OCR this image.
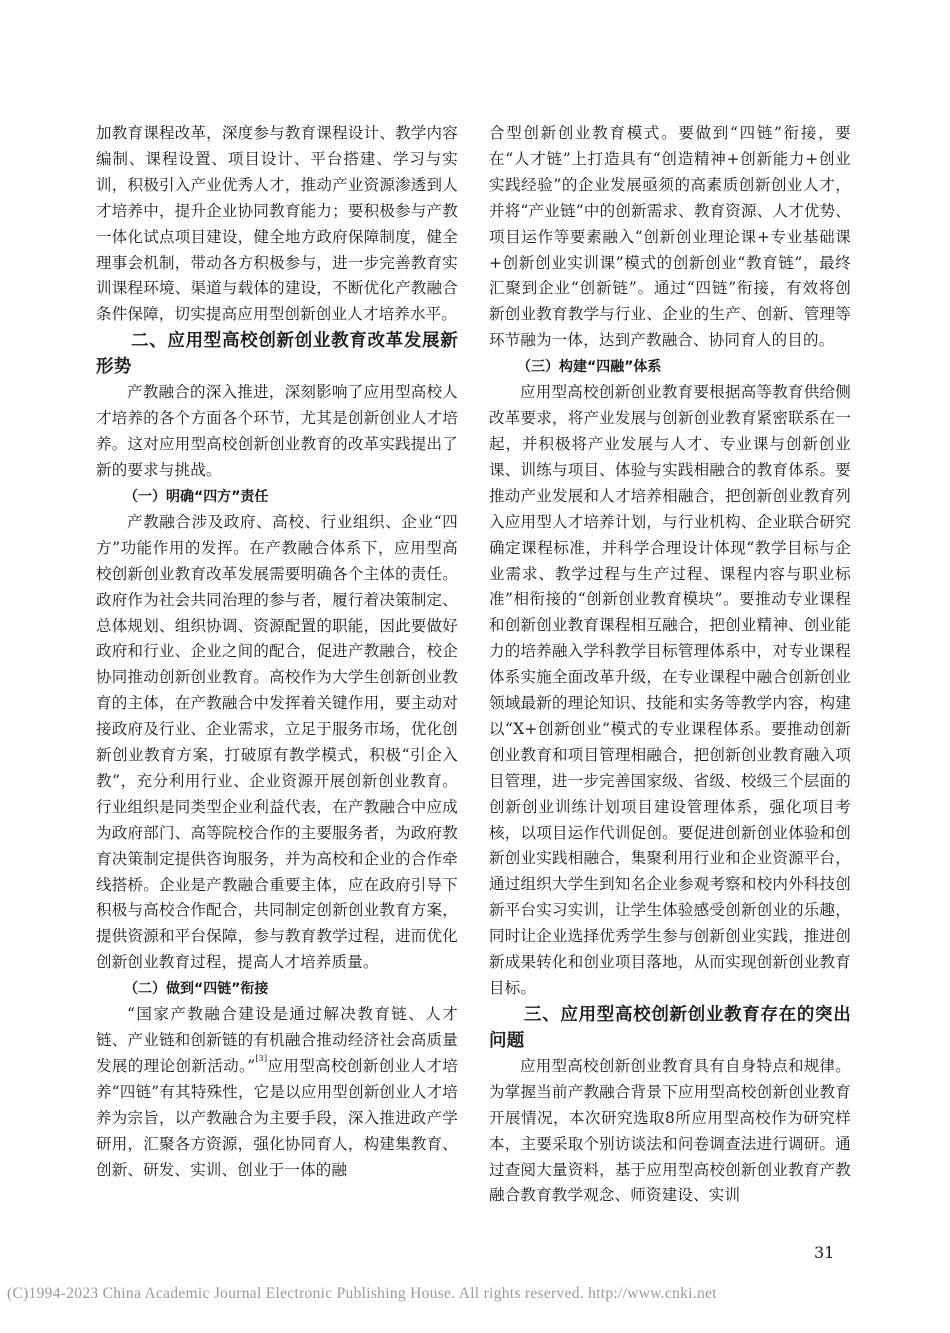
加教育课程改革，深度参与教育课程设计、教学内容编制、课程设置、项目设计、平台搭建、学习与实训，积极引入产业优秀人才，推动产业资源渗透到人才培养中，提升企业协同教育能力；要积极参与产教一体化试点项目建设，健全地方政府保障制度，健全理事会机制，带动各方积极参与，进一步完善教育实训课程环境、渠道与载体的建设，不断优化产教融合条件保障，切实提高应用型创新创业人才培养水平。

二、应用型高校创新创业教育改革发展新形势

产教融合的深入推进，深刻影响了应用型高校人才培养的各个方面各个环节，尤其是创新创业人才培养。这对应用型高校创新创业教育的改革实践提出了新的要求与挑战。

（一）明确“四方”责任

产教融合涉及政府、高校、行业组织、企业“四方”功能作用的发挥。在产教融合体系下，应用型高校创新创业教育改革发展需要明确各个主体的责任。政府作为社会共同治理的参与者，履行着决策制定、总体规划、组织协调、资源配置的职能，因此要做好政府和行业、企业之间的配合，促进产教融合，校企协同推动创新创业教育。高校作为大学生创新创业教育的主体，在产教融合中发挥着关键作用，要主动对接政府及行业、企业需求，立足于服务市场，优化创新创业教育方案，打破原有教学模式，积极“引企入教”，充分利用行业、企业资源开展创新创业教育。行业组织是同类型企业利益代表，在产教融合中应成为政府部门、高等院校合作的主要服务者，为政府教育决策制定提供咨询服务，并为高校和企业的合作牵线搭桥。企业是产教融合重要主体，应在政府引导下积极与高校合作配合，共同制定创新创业教育方案，提供资源和平台保障，参与教育教学过程，进而优化创新创业教育过程，提高人才培养质量。

（二）做到“四链”衔接

“国家产教融合建设是通过解决教育链、人才链、产业链和创新链的有机融合推动经济社会高质量发展的理论创新活动。”[3]应用型高校创新创业人才培养“四链”有其特殊性，它是以应用型创新创业人才培养为宗旨，以产教融合为主要手段，深入推进政产学研用，汇聚各方资源，强化协同育人，构建集教育、创新、研发、实训、创业于一体的融

合型创新创业教育模式。要做到“四链”衔接，要在“人才链”上打造具有“创造精神+创新能力+创业实践经验”的企业发展亟须的高素质创新创业人才，并将“产业链”中的创新需求、教育资源、人才优势、项目运作等要素融入“创新创业理论课+专业基础课+创新创业实训课”模式的创新创业“教育链”，最终汇聚到企业“创新链”。通过“四链”衔接，有效将创新创业教育教学与行业、企业的生产、创新、管理等环节融为一体，达到产教融合、协同育人的目的。

（三）构建“四融”体系

应用型高校创新创业教育要根据高等教育供给侧改革要求，将产业发展与创新创业教育紧密联系在一起，并积极将产业发展与人才、专业课与创新创业课、训练与项目、体验与实践相融合的教育体系。要推动产业发展和人才培养相融合，把创新创业教育列入应用型人才培养计划，与行业机构、企业联合研究确定课程标准，并科学合理设计体现“教学目标与企业需求、教学过程与生产过程、课程内容与职业标准”相衔接的“创新创业教育模块”。要推动专业课程和创新创业教育课程相互融合，把创业精神、创业能力的培养融入学科教学目标管理体系中，对专业课程体系实施全面改革升级，在专业课程中融合创新创业领域最新的理论知识、技能和实务等教学内容，构建以“X+创新创业”模式的专业课程体系。要推动创新创业教育和项目管理相融合，把创新创业教育融入项目管理，进一步完善国家级、省级、校级三个层面的创新创业训练计划项目建设管理体系，强化项目考核，以项目运作代训促创。要促进创新创业体验和创新创业实践相融合，集聚利用行业和企业资源平台，通过组织大学生到知名企业参观考察和校内外科技创新平台实习实训，让学生体验感受创新创业的乐趣，同时让企业选择优秀学生参与创新创业实践，推进创新成果转化和创业项目落地，从而实现创新创业教育目标。

三、应用型高校创新创业教育存在的突出问题

应用型高校创新创业教育具有自身特点和规律。为掌握当前产教融合背景下应用型高校创新创业教育开展情况，本次研究选取8所应用型高校作为研究样本，主要采取个别访谈法和问卷调查法进行调研。通过查阅大量资料，基于应用型高校创新创业教育产教融合教育教学观念、师资建设、实训

31
(C)1994-2023 China Academic Journal Electronic Publishing House. All rights reserved. http://www.cnki.net
